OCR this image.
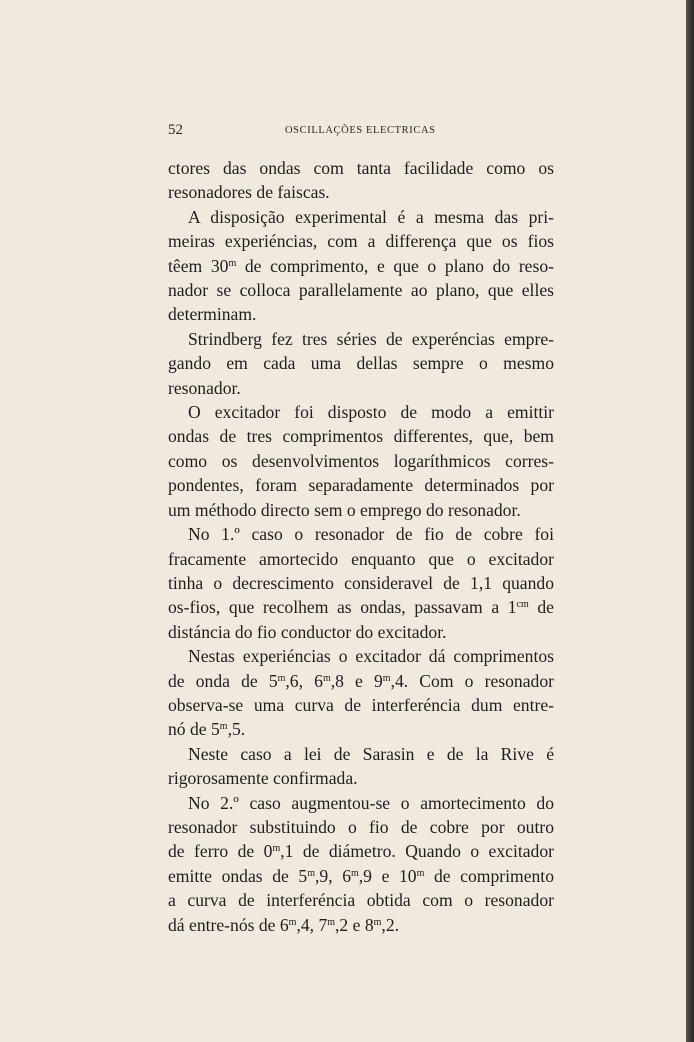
52	OSCILLAÇÕES ELECTRICAS

ctores das ondas com tanta facilidade como os
resonadores de faiscas.

A disposição experimental é a mesma das pri-
meiras experiéncias, com a differença que os fios
têem 30$^m$ de comprimento, e que o plano do reso-
nador se colloca parallelamente ao plano, que elles
determinam.

Strindberg fez tres séries de experéncias empre-
gando em cada uma dellas sempre o mesmo
resonador.

O excitador foi disposto de modo a emittir
ondas de tres comprimentos differentes, que, bem
como os desenvolvimentos logaríthmicos corres-
pondentes, foram separadamente determinados por
um méthodo directo sem o emprego do resonador.

No 1.º caso o resonador de fio de cobre foi
fracamente amortecido enquanto que o excitador
tinha o decrescimento consideravel de 1,1 quando
os-fios, que recolhem as ondas, passavam a $1^{cm}$ de
distáncia do fio conductor do excitador.

Nestas experiéncias o excitador dá comprimentos
de onda de 5$^m$,6, 6$^m$,8 e 9$^m$,4. Com o resonador
observa-se uma curva de interferéncia dum entre-
nó de 5$^m$,5.

Neste caso a lei de Sarasin e de la Rive é
rigorosamente confirmada.

No 2.º caso augmentou-se o amortecimento do
resonador substituindo o fio de cobre por outro
de ferro de 0$^m$,1 de diámetro. Quando o excitador
emitte ondas de 5$^m$,9, 6$^m$,9 e 10$^m$ de comprimento
a curva de interferéncia obtida com o resonador
dá entre-nós de 6$^m$,4, 7$^m$,2 e 8$^m$,2.
